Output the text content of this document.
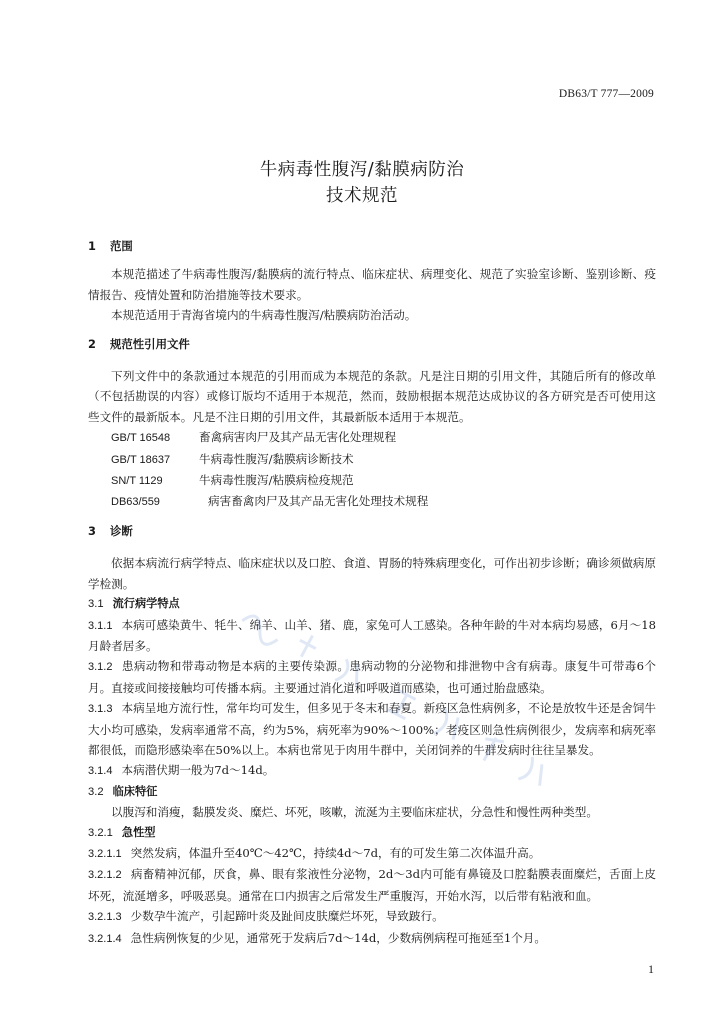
DB63/T 777—2009
牛病毒性腹泻/黏膜病防治
技术规范
1 范围
本规范描述了牛病毒性腹泻/黏膜病的流行特点、临床症状、病理变化、规范了实验室诊断、鉴别诊断、疫情报告、疫情处置和防治措施等技术要求。
本规范适用于青海省境内的牛病毒性腹泻/粘膜病防治活动。
2 规范性引用文件
下列文件中的条款通过本规范的引用而成为本规范的条款。凡是注日期的引用文件，其随后所有的修改单（不包括勘误的内容）或修订版均不适用于本规范，然而，鼓励根据本规范达成协议的各方研究是否可使用这些文件的最新版本。凡是不注日期的引用文件，其最新版本适用于本规范。
GB/T 16548 畜禽病害肉尸及其产品无害化处理规程
GB/T 18637 牛病毒性腹泻/黏膜病诊断技术
SN/T 1129	牛病毒性腹泻/粘膜病检疫规范
DB63/559	病害畜禽肉尸及其产品无害化处理技术规程
3 诊断
依据本病流行病学特点、临床症状以及口腔、食道、胃肠的特殊病理变化，可作出初步诊断；确诊须做病原学检测。
3.1 流行病学特点
3.1.1 本病可感染黄牛、牦牛、绵羊、山羊、猪、鹿，家兔可人工感染。各种年龄的牛对本病均易感，6月～18月龄者居多。
3.1.2 患病动物和带毒动物是本病的主要传染源。患病动物的分泌物和排泄物中含有病毒。康复牛可带毒6个月。直接或间接接触均可传播本病。主要通过消化道和呼吸道而感染，也可通过胎盘感染。
3.1.3 本病呈地方流行性，常年均可发生，但多见于冬末和春夏。新疫区急性病例多，不论是放牧牛还是舍饲牛大小均可感染，发病率通常不高，约为5%，病死率为90%～100%；老疫区则急性病例很少，发病率和病死率都很低，而隐形感染率在50%以上。本病也常见于肉用牛群中，关闭饲养的牛群发病时往往呈暴发。
3.1.4 本病潜伏期一般为7d～14d。
3.2 临床特征
以腹泻和消瘦，黏膜发炎、糜烂、坏死，咳嗽，流涎为主要临床症状，分急性和慢性两种类型。
3.2.1 急性型
3.2.1.1 突然发病，体温升至40℃～42℃，持续4d～7d，有的可发生第二次体温升高。
3.2.1.2 病畜精神沉郁，厌食，鼻、眼有浆液性分泌物，2d～3d内可能有鼻镜及口腔黏膜表面糜烂，舌面上皮坏死，流涎增多，呼吸恶臭。通常在口内损害之后常发生严重腹泻，开始水泻，以后带有粘液和血。
3.2.1.3 少数孕牛流产，引起蹄叶炎及趾间皮肤糜烂坏死，导致跛行。
3.2.1.4 急性病例恢复的少见，通常死于发病后7d～14d，少数病例病程可拖延至1个月。
1
